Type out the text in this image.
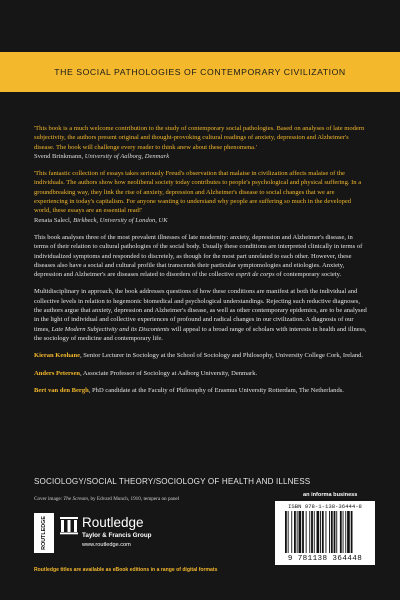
THE SOCIAL PATHOLOGIES OF CONTEMPORARY CIVILIZATION

'This book is a much welcome contribution to the study of contemporary social pathologies. Based on analyses of late modern subjectivity, the authors present original and thought-provoking cultural readings of anxiety, depression and Alzheimer's disease. The book will challenge every reader to think anew about these phenomena.'
Svend Brinkmann, University of Aalborg, Denmark

'This fantastic collection of essays takes seriously Freud's observation that malaise in civilization affects malaise of the individuals. The authors show how neoliberal society today contributes to people's psychological and physical suffering. In a groundbreaking way, they link the rise of anxiety, depression and Alzheimer's disease to social changes that we are experiencing in today's capitalism. For anyone wanting to understand why people are suffering so much in the developed world, these essays are an essential read!'
Renata Salecl, Birkbeck, University of London, UK

This book analyses three of the most prevalent illnesses of late modernity: anxiety, depression and Alzheimer's disease, in terms of their relation to cultural pathologies of the social body. Usually these conditions are interpreted clinically in terms of individualized symptoms and responded to discretely, as though for the most part unrelated to each other. However, these diseases also have a social and cultural profile that transcends their particular symptomologies and etiologies. Anxiety, depression and Alzheimer's are diseases related to disorders of the collective esprit de corps of contemporary society.

Multidisciplinary in approach, the book addresses questions of how these conditions are manifest at both the individual and collective levels in relation to hegemonic biomedical and psychological understandings. Rejecting such reductive diagnoses, the authors argue that anxiety, depression and Alzheimer's disease, as well as other contemporary epidemics, are to be analysed in the light of individual and collective experiences of profound and radical changes in our civilization. A diagnosis of our times, Late Modern Subjectivity and its Discontents will appeal to a broad range of scholars with interests in health and illness, the sociology of medicine and contemporary life.

Kieran Keohane, Senior Lecturer in Sociology at the School of Sociology and Philosophy, University College Cork, Ireland.

Anders Petersen, Associate Professor of Sociology at Aalborg University, Denmark.

Bert van den Bergh, PhD candidate at the Faculty of Philosophy of Erasmus University Rotterdam, The Netherlands.

SOCIOLOGY/SOCIAL THEORY/SOCIOLOGY OF HEALTH AND ILLNESS
Cover image: The Scream, by Edvard Munch, 1910, tempera on panel
ROUTLEDGE	Routledge
Taylor & Francis Group
www.routledge.com
an informa business
ISBN 978-1-138-36444-8
9 781138 364448
Routledge titles are available as eBook editions in a range of digital formats
